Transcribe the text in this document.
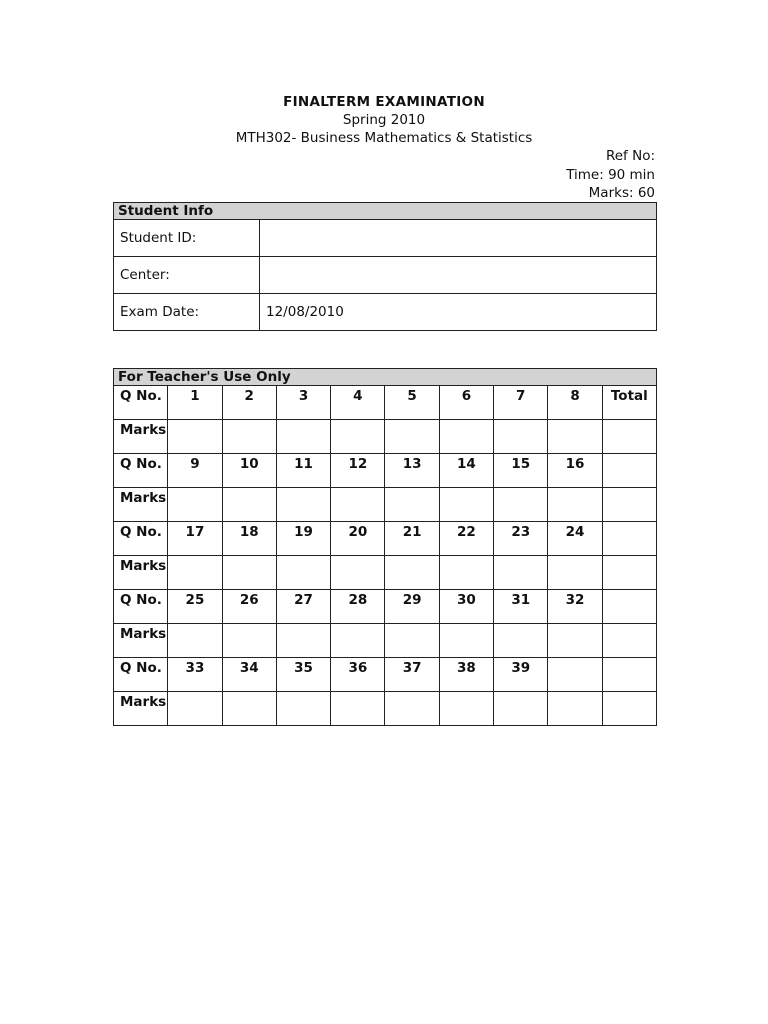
FINALTERM EXAMINATION
Spring 2010
MTH302- Business Mathematics & Statistics
Ref No:
Time: 90 min
Marks: 60
Student Info	
Student ID:	
Center:	
Exam Date:	12/08/2010
For Teacher's Use Only									
Q No.	1	2	3	4	5	6	7	8	Total
Marks									
Q No.	9	10	11	12	13	14	15	16	
Marks									
Q No.	17	18	19	20	21	22	23	24	
Marks									
Q No.	25	26	27	28	29	30	31	32	
Marks									
Q No.	33	34	35	36	37	38	39		
Marks									
